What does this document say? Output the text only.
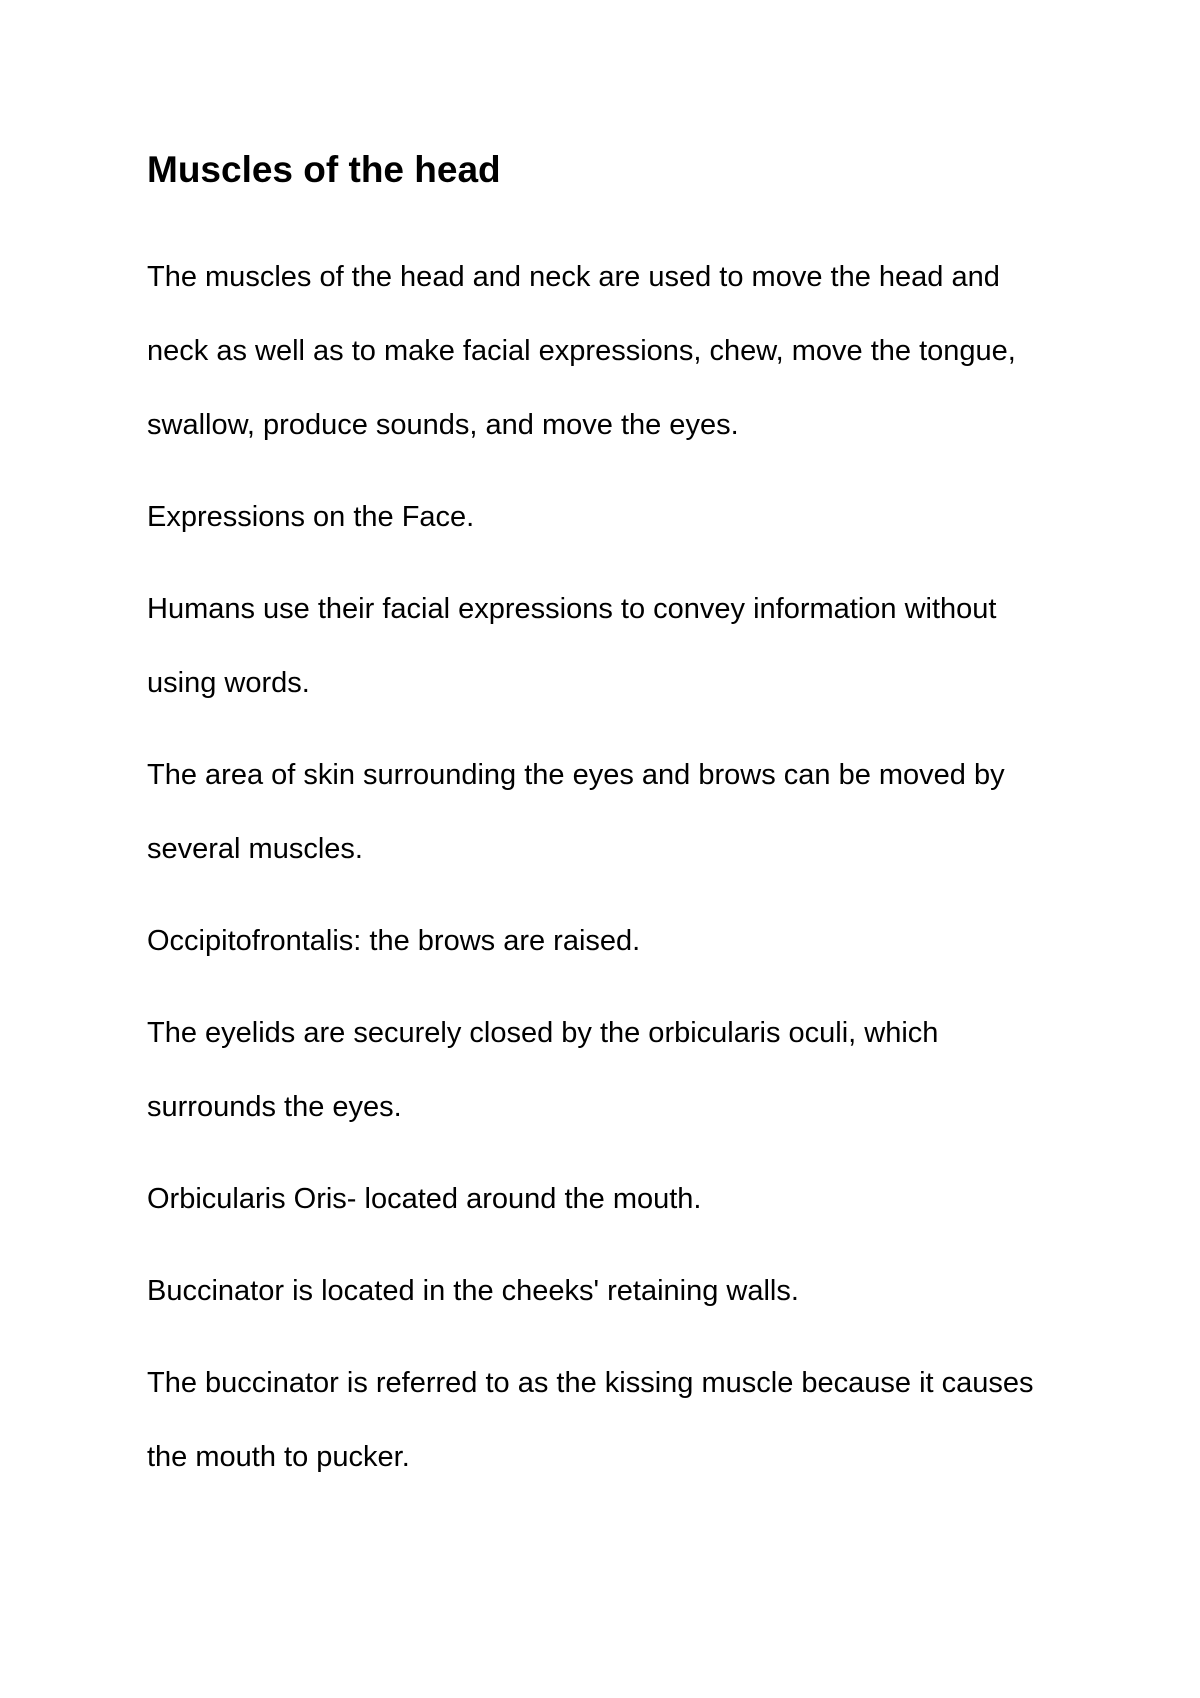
Muscles of the head

The muscles of the head and neck are used to move the head and neck as well as to make facial expressions, chew, move the tongue, swallow, produce sounds, and move the eyes.

Expressions on the Face.

Humans use their facial expressions to convey information without using words.

The area of skin surrounding the eyes and brows can be moved by several muscles.

Occipitofrontalis: the brows are raised.

The eyelids are securely closed by the orbicularis oculi, which surrounds the eyes.

Orbicularis Oris- located around the mouth.

Buccinator is located in the cheeks' retaining walls.

The buccinator is referred to as the kissing muscle because it causes the mouth to pucker.
